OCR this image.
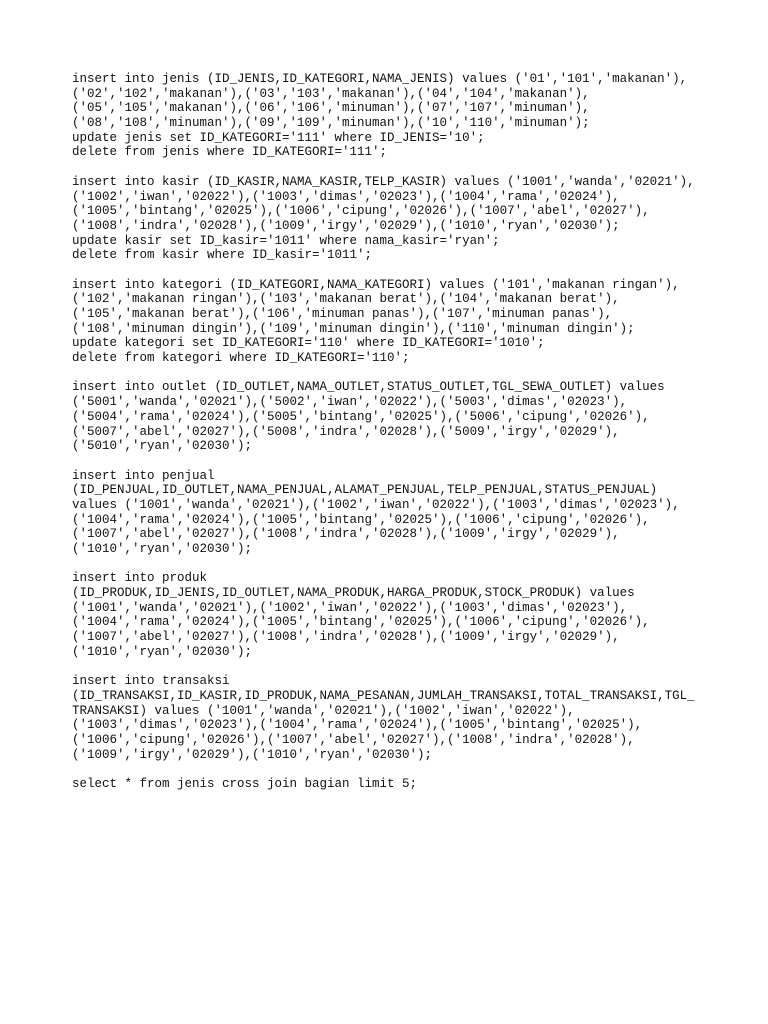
insert into jenis (ID_JENIS,ID_KATEGORI,NAMA_JENIS) values ('01','101','makanan'),
('02','102','makanan'),('03','103','makanan'),('04','104','makanan'),
('05','105','makanan'),('06','106','minuman'),('07','107','minuman'),
('08','108','minuman'),('09','109','minuman'),('10','110','minuman');
update jenis set ID_KATEGORI='111' where ID_JENIS='10';
delete from jenis where ID_KATEGORI='111';
insert into kasir (ID_KASIR,NAMA_KASIR,TELP_KASIR) values ('1001','wanda','02021'),
('1002','iwan','02022'),('1003','dimas','02023'),('1004','rama','02024'),
('1005','bintang','02025'),('1006','cipung','02026'),('1007','abel','02027'),
('1008','indra','02028'),('1009','irgy','02029'),('1010','ryan','02030');
update kasir set ID_kasir='1011' where nama_kasir='ryan';
delete from kasir where ID_kasir='1011';
insert into kategori (ID_KATEGORI,NAMA_KATEGORI) values ('101','makanan ringan'),
('102','makanan ringan'),('103','makanan berat'),('104','makanan berat'),
('105','makanan berat'),('106','minuman panas'),('107','minuman panas'),
('108','minuman dingin'),('109','minuman dingin'),('110','minuman dingin');
update kategori set ID_KATEGORI='110' where ID_KATEGORI='1010';
delete from kategori where ID_KATEGORI='110';
insert into outlet (ID_OUTLET,NAMA_OUTLET,STATUS_OUTLET,TGL_SEWA_OUTLET) values
('5001','wanda','02021'),('5002','iwan','02022'),('5003','dimas','02023'),
('5004','rama','02024'),('5005','bintang','02025'),('5006','cipung','02026'),
('5007','abel','02027'),('5008','indra','02028'),('5009','irgy','02029'),
('5010','ryan','02030');
insert into penjual
(ID_PENJUAL,ID_OUTLET,NAMA_PENJUAL,ALAMAT_PENJUAL,TELP_PENJUAL,STATUS_PENJUAL)
values ('1001','wanda','02021'),('1002','iwan','02022'),('1003','dimas','02023'),
('1004','rama','02024'),('1005','bintang','02025'),('1006','cipung','02026'),
('1007','abel','02027'),('1008','indra','02028'),('1009','irgy','02029'),
('1010','ryan','02030');
insert into produk
(ID_PRODUK,ID_JENIS,ID_OUTLET,NAMA_PRODUK,HARGA_PRODUK,STOCK_PRODUK) values
('1001','wanda','02021'),('1002','iwan','02022'),('1003','dimas','02023'),
('1004','rama','02024'),('1005','bintang','02025'),('1006','cipung','02026'),
('1007','abel','02027'),('1008','indra','02028'),('1009','irgy','02029'),
('1010','ryan','02030');
insert into transaksi
(ID_TRANSAKSI,ID_KASIR,ID_PRODUK,NAMA_PESANAN,JUMLAH_TRANSAKSI,TOTAL_TRANSAKSI,TGL_
TRANSAKSI) values ('1001','wanda','02021'),('1002','iwan','02022'),
('1003','dimas','02023'),('1004','rama','02024'),('1005','bintang','02025'),
('1006','cipung','02026'),('1007','abel','02027'),('1008','indra','02028'),
('1009','irgy','02029'),('1010','ryan','02030');
select * from jenis cross join bagian limit 5;
